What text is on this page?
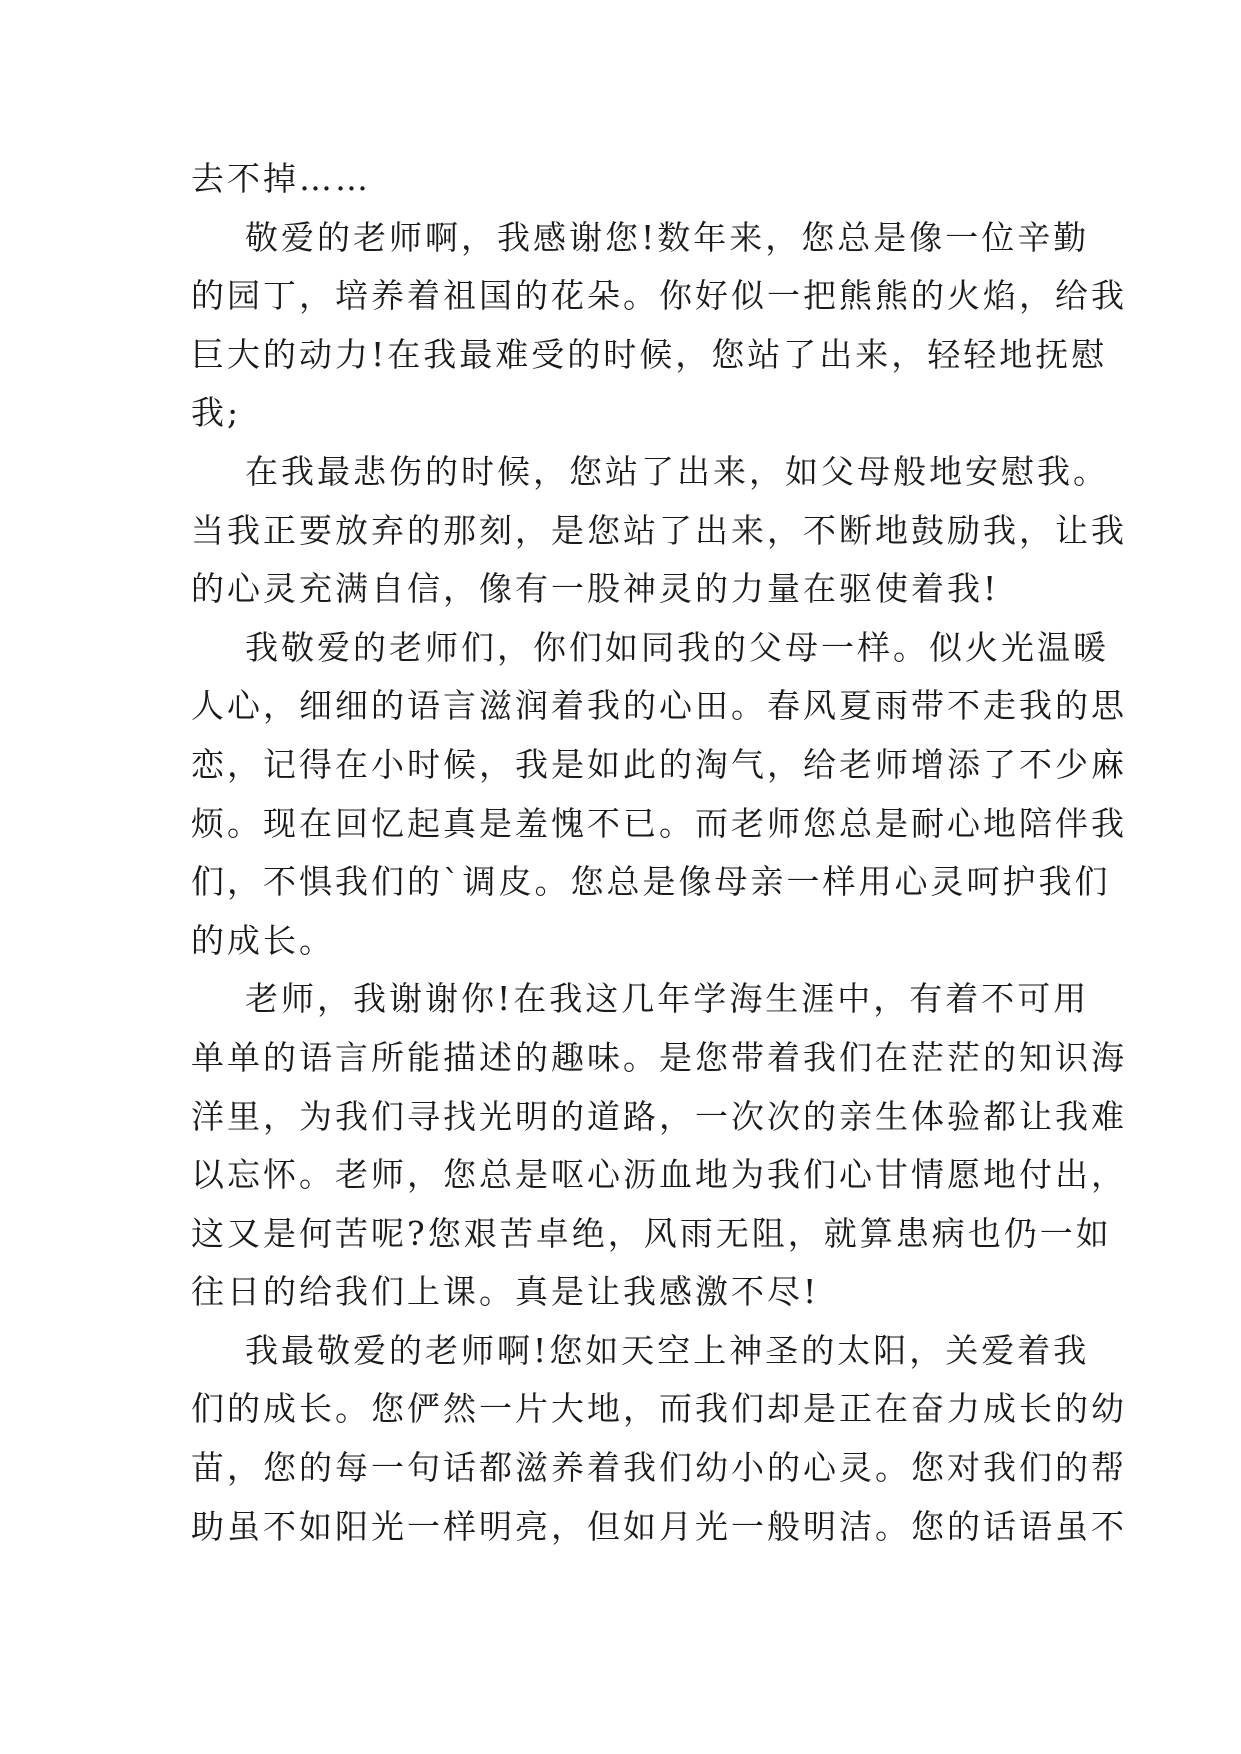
去不掉……
敬爱的老师啊，我感谢您!数年来，您总是像一位辛勤
的园丁，培养着祖国的花朵。你好似一把熊熊的火焰，给我
巨大的动力!在我最难受的时候，您站了出来，轻轻地抚慰
我;
在我最悲伤的时候，您站了出来，如父母般地安慰我。
当我正要放弃的那刻，是您站了出来，不断地鼓励我，让我
的心灵充满自信，像有一股神灵的力量在驱使着我!
我敬爱的老师们，你们如同我的父母一样。似火光温暖
人心，细细的语言滋润着我的心田。春风夏雨带不走我的思
恋，记得在小时候，我是如此的淘气，给老师增添了不少麻
烦。现在回忆起真是羞愧不已。而老师您总是耐心地陪伴我
们，不惧我们的`调皮。您总是像母亲一样用心灵呵护我们
的成长。
老师，我谢谢你!在我这几年学海生涯中，有着不可用
单单的语言所能描述的趣味。是您带着我们在茫茫的知识海
洋里，为我们寻找光明的道路，一次次的亲生体验都让我难
以忘怀。老师，您总是呕心沥血地为我们心甘情愿地付出，
这又是何苦呢?您艰苦卓绝，风雨无阻，就算患病也仍一如
往日的给我们上课。真是让我感激不尽!
我最敬爱的老师啊!您如天空上神圣的太阳，关爱着我
们的成长。您俨然一片大地，而我们却是正在奋力成长的幼
苗，您的每一句话都滋养着我们幼小的心灵。您对我们的帮
助虽不如阳光一样明亮，但如月光一般明洁。您的话语虽不
